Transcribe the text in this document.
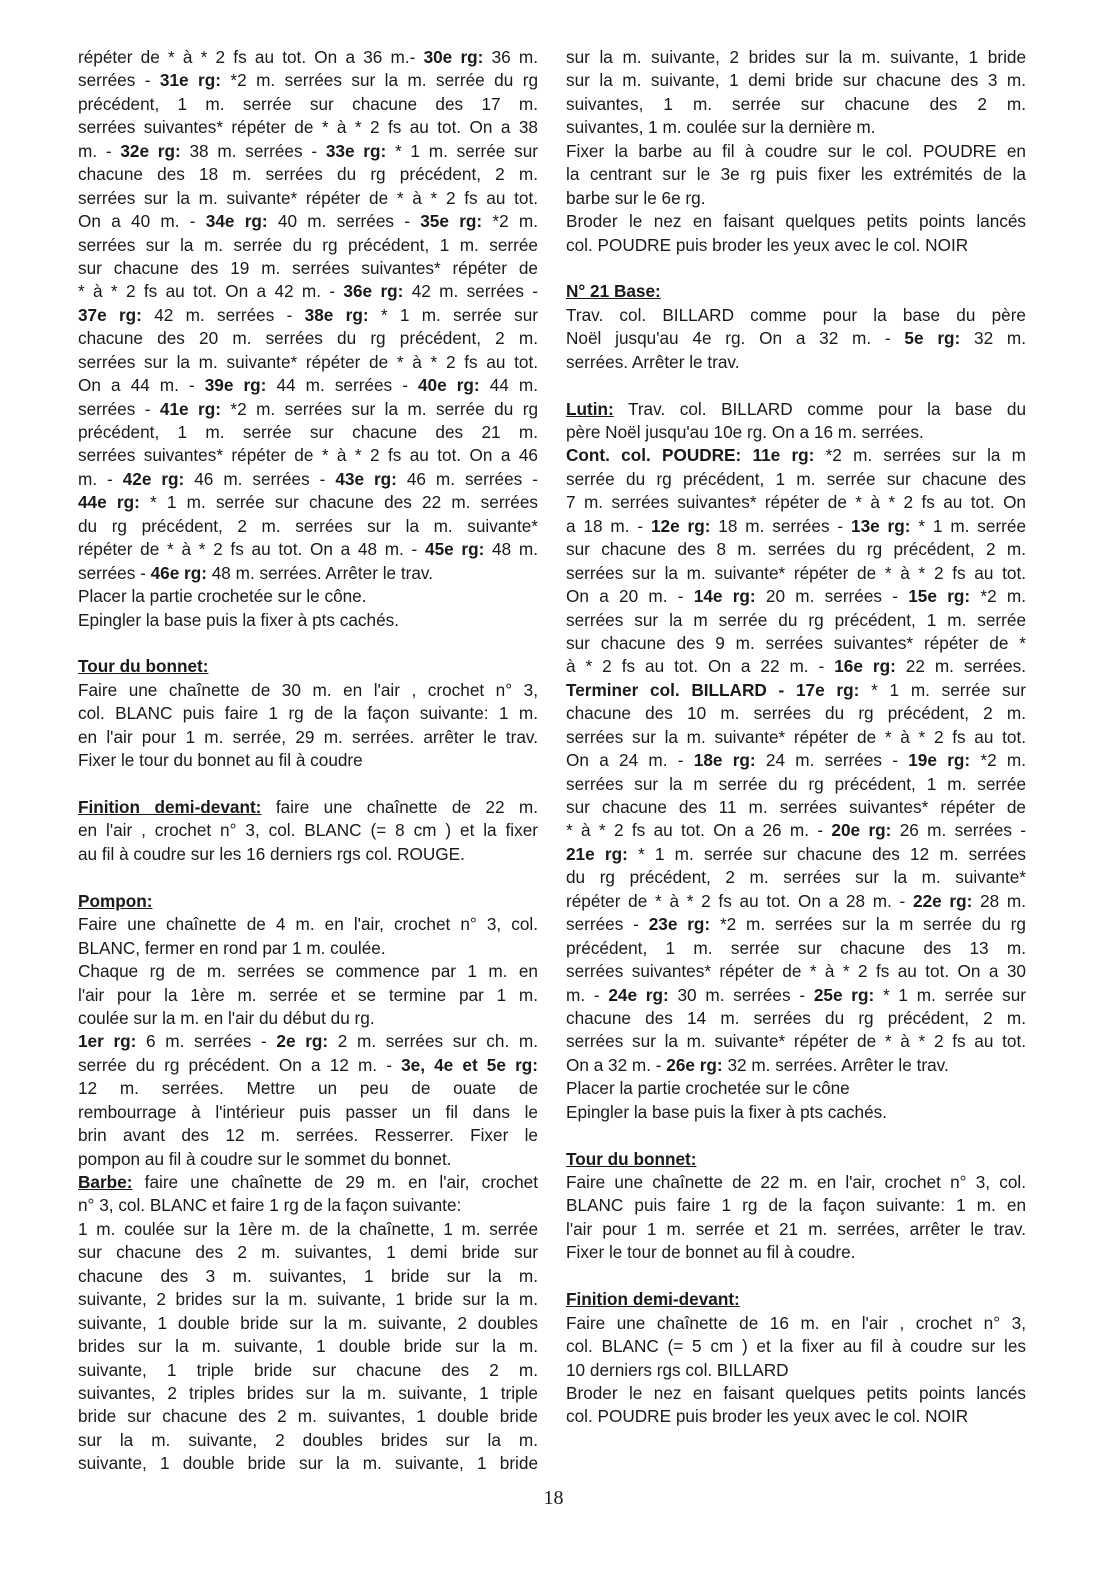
répéter de * à * 2 fs au tot. On a 36 m.- 30e rg: 36 m.
serrées - 31e rg: *2 m. serrées sur la m. serrée du rg
précédent, 1 m. serrée sur chacune des 17 m.
serrées suivantes* répéter de * à * 2 fs au tot. On a 38
m. - 32e rg: 38 m. serrées - 33e rg: * 1 m. serrée sur
chacune des 18 m. serrées du rg précédent, 2 m.
serrées sur la m. suivante* répéter de * à * 2 fs au tot.
On a 40 m. - 34e rg: 40 m. serrées - 35e rg: *2 m.
serrées sur la m. serrée du rg précédent, 1 m. serrée
sur chacune des 19 m. serrées suivantes* répéter de
* à * 2 fs au tot. On a 42 m. - 36e rg: 42 m. serrées -
37e rg: 42 m. serrées - 38e rg: * 1 m. serrée sur
chacune des 20 m. serrées du rg précédent, 2 m.
serrées sur la m. suivante* répéter de * à * 2 fs au tot.
On a 44 m. - 39e rg: 44 m. serrées - 40e rg: 44 m.
serrées - 41e rg: *2 m. serrées sur la m. serrée du rg
précédent, 1 m. serrée sur chacune des 21 m.
serrées suivantes* répéter de * à * 2 fs au tot. On a 46
m. - 42e rg: 46 m. serrées - 43e rg: 46 m. serrées -
44e rg: * 1 m. serrée sur chacune des 22 m. serrées
du rg précédent, 2 m. serrées sur la m. suivante*
répéter de * à * 2 fs au tot. On a 48 m. - 45e rg: 48 m.
serrées - 46e rg: 48 m. serrées. Arrêter le trav.
Placer la partie crochetée sur le cône.
Epingler la base puis la fixer à pts cachés.
Tour du bonnet:
Faire une chaînette de 30 m. en l'air , crochet n° 3,
col. BLANC puis faire 1 rg de la façon suivante: 1 m.
en l'air pour 1 m. serrée, 29 m. serrées. arrêter le trav.
Fixer le tour du bonnet au fil à coudre
Finition demi-devant: faire une chaînette de 22 m.
en l'air , crochet n° 3, col. BLANC (= 8 cm ) et la fixer
au fil à coudre sur les 16 derniers rgs col. ROUGE.
Pompon:
Faire une chaînette de 4 m. en l'air, crochet n° 3, col.
BLANC, fermer en rond par 1 m. coulée.
Chaque rg de m. serrées se commence par 1 m. en
l'air pour la 1ère m. serrée et se termine par 1 m.
coulée sur la m. en l'air du début du rg.
1er rg: 6 m. serrées - 2e rg: 2 m. serrées sur ch. m.
serrée du rg précédent. On a 12 m. - 3e, 4e et 5e rg:
12 m. serrées. Mettre un peu de ouate de
rembourrage à l'intérieur puis passer un fil dans le
brin avant des 12 m. serrées. Resserrer. Fixer le
pompon au fil à coudre sur le sommet du bonnet.
Barbe: faire une chaînette de 29 m. en l'air, crochet
n° 3, col. BLANC et faire 1 rg de la façon suivante:
1 m. coulée sur la 1ère m. de la chaînette, 1 m. serrée
sur chacune des 2 m. suivantes, 1 demi bride sur
chacune des 3 m. suivantes, 1 bride sur la m.
suivante, 2 brides sur la m. suivante, 1 bride sur la m.
suivante, 1 double bride sur la m. suivante, 2 doubles
brides sur la m. suivante, 1 double bride sur la m.
suivante, 1 triple bride sur chacune des 2 m.
suivantes, 2 triples brides sur la m. suivante, 1 triple
bride sur chacune des 2 m. suivantes, 1 double bride
sur la m. suivante, 2 doubles brides sur la m.
suivante, 1 double bride sur la m. suivante, 1 bride
sur la m. suivante, 2 brides sur la m. suivante, 1 bride
sur la m. suivante, 1 demi bride sur chacune des 3 m.
suivantes, 1 m. serrée sur chacune des 2 m.
suivantes, 1 m. coulée sur la dernière m.
Fixer la barbe au fil à coudre sur le col. POUDRE en
la centrant sur le 3e rg puis fixer les extrémités de la
barbe sur le 6e rg.
Broder le nez en faisant quelques petits points lancés
col. POUDRE puis broder les yeux avec le col. NOIR
N° 21 Base:
Trav. col. BILLARD comme pour la base du père
Noël jusqu'au 4e rg. On a 32 m. - 5e rg: 32 m.
serrées. Arrêter le trav.
Lutin: Trav. col. BILLARD comme pour la base du
père Noël jusqu'au 10e rg. On a 16 m. serrées.
Cont. col. POUDRE: 11e rg: *2 m. serrées sur la m
serrée du rg précédent, 1 m. serrée sur chacune des
7 m. serrées suivantes* répéter de * à * 2 fs au tot. On
a 18 m. - 12e rg: 18 m. serrées - 13e rg: * 1 m. serrée
sur chacune des 8 m. serrées du rg précédent, 2 m.
serrées sur la m. suivante* répéter de * à * 2 fs au tot.
On a 20 m. - 14e rg: 20 m. serrées - 15e rg: *2 m.
serrées sur la m serrée du rg précédent, 1 m. serrée
sur chacune des 9 m. serrées suivantes* répéter de *
à * 2 fs au tot. On a 22 m. - 16e rg: 22 m. serrées.
Terminer col. BILLARD - 17e rg: * 1 m. serrée sur
chacune des 10 m. serrées du rg précédent, 2 m.
serrées sur la m. suivante* répéter de * à * 2 fs au tot.
On a 24 m. - 18e rg: 24 m. serrées - 19e rg: *2 m.
serrées sur la m serrée du rg précédent, 1 m. serrée
sur chacune des 11 m. serrées suivantes* répéter de
* à * 2 fs au tot. On a 26 m. - 20e rg: 26 m. serrées -
21e rg: * 1 m. serrée sur chacune des 12 m. serrées
du rg précédent, 2 m. serrées sur la m. suivante*
répéter de * à * 2 fs au tot. On a 28 m. - 22e rg: 28 m.
serrées - 23e rg: *2 m. serrées sur la m serrée du rg
précédent, 1 m. serrée sur chacune des 13 m.
serrées suivantes* répéter de * à * 2 fs au tot. On a 30
m. - 24e rg: 30 m. serrées - 25e rg: * 1 m. serrée sur
chacune des 14 m. serrées du rg précédent, 2 m.
serrées sur la m. suivante* répéter de * à * 2 fs au tot.
On a 32 m. - 26e rg: 32 m. serrées. Arrêter le trav.
Placer la partie crochetée sur le cône
Epingler la base puis la fixer à pts cachés.
Tour du bonnet:
Faire une chaînette de 22 m. en l'air, crochet n° 3, col.
BLANC puis faire 1 rg de la façon suivante: 1 m. en
l'air pour 1 m. serrée et 21 m. serrées, arrêter le trav.
Fixer le tour de bonnet au fil à coudre.
Finition demi-devant:
Faire une chaînette de 16 m. en l'air , crochet n° 3,
col. BLANC (= 5 cm ) et la fixer au fil à coudre sur les
10 derniers rgs col. BILLARD
Broder le nez en faisant quelques petits points lancés
col. POUDRE puis broder les yeux avec le col. NOIR
18
